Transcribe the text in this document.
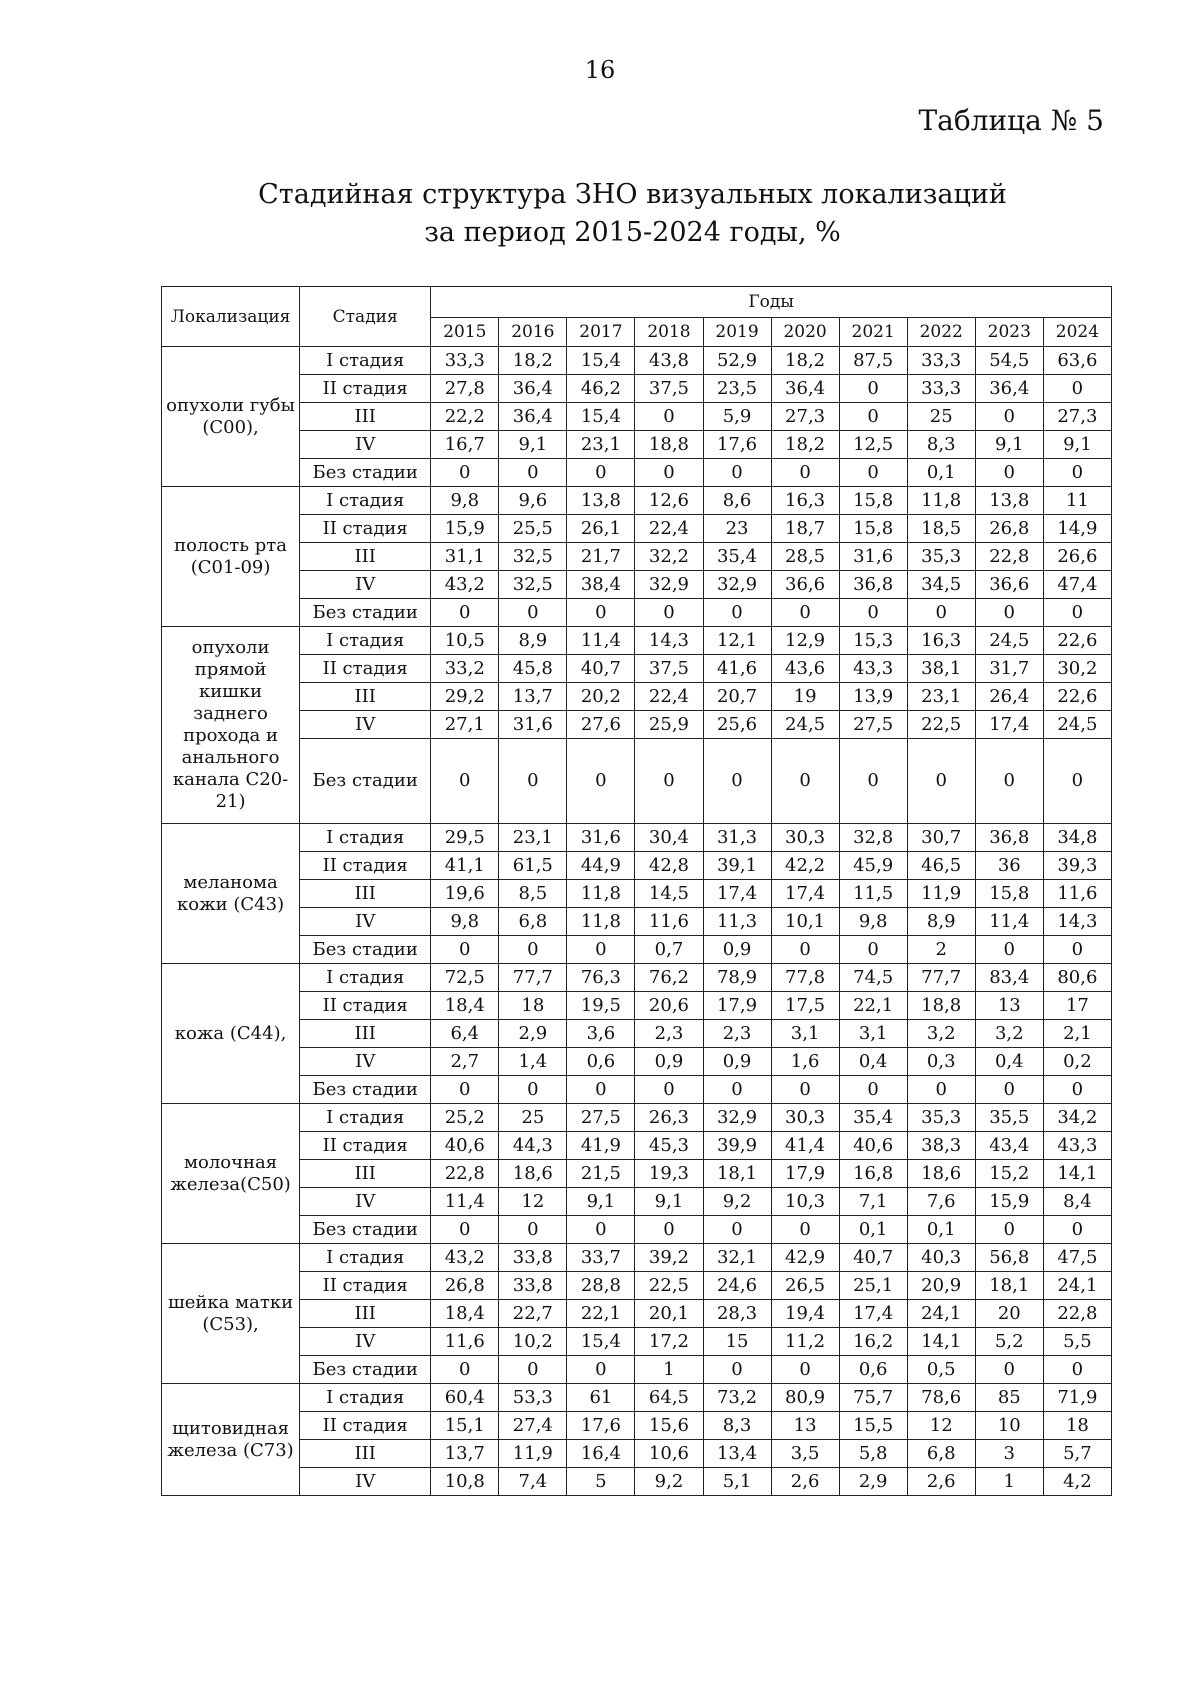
16
Таблица № 5
Стадийная структура ЗНО визуальных локализаций
за период 2015-2024 годы, %
Локализация	Стадия	Годы									
		2015	2016	2017	2018	2019	2020	2021	2022	2023	2024
опухоли губы (С00),	I стадия	33,3	18,2	15,4	43,8	52,9	18,2	87,5	33,3	54,5	63,6
	II стадия	27,8	36,4	46,2	37,5	23,5	36,4	0	33,3	36,4	0
	III	22,2	36,4	15,4	0	5,9	27,3	0	25	0	27,3
	IV	16,7	9,1	23,1	18,8	17,6	18,2	12,5	8,3	9,1	9,1
	Без стадии	0	0	0	0	0	0	0	0,1	0	0
полость рта (С01-09)	I стадия	9,8	9,6	13,8	12,6	8,6	16,3	15,8	11,8	13,8	11
	II стадия	15,9	25,5	26,1	22,4	23	18,7	15,8	18,5	26,8	14,9
	III	31,1	32,5	21,7	32,2	35,4	28,5	31,6	35,3	22,8	26,6
	IV	43,2	32,5	38,4	32,9	32,9	36,6	36,8	34,5	36,6	47,4
	Без стадии	0	0	0	0	0	0	0	0	0	0
опухоли прямой кишки заднего прохода и анального канала С20-21)	I стадия	10,5	8,9	11,4	14,3	12,1	12,9	15,3	16,3	24,5	22,6
	II стадия	33,2	45,8	40,7	37,5	41,6	43,6	43,3	38,1	31,7	30,2
	III	29,2	13,7	20,2	22,4	20,7	19	13,9	23,1	26,4	22,6
	IV	27,1	31,6	27,6	25,9	25,6	24,5	27,5	22,5	17,4	24,5
	Без стадии	0	0	0	0	0	0	0	0	0	0
меланома кожи (С43)	I стадия	29,5	23,1	31,6	30,4	31,3	30,3	32,8	30,7	36,8	34,8
	II стадия	41,1	61,5	44,9	42,8	39,1	42,2	45,9	46,5	36	39,3
	III	19,6	8,5	11,8	14,5	17,4	17,4	11,5	11,9	15,8	11,6
	IV	9,8	6,8	11,8	11,6	11,3	10,1	9,8	8,9	11,4	14,3
	Без стадии	0	0	0	0,7	0,9	0	0	2	0	0
кожа (С44),	I стадия	72,5	77,7	76,3	76,2	78,9	77,8	74,5	77,7	83,4	80,6
	II стадия	18,4	18	19,5	20,6	17,9	17,5	22,1	18,8	13	17
	III	6,4	2,9	3,6	2,3	2,3	3,1	3,1	3,2	3,2	2,1
	IV	2,7	1,4	0,6	0,9	0,9	1,6	0,4	0,3	0,4	0,2
	Без стадии	0	0	0	0	0	0	0	0	0	0
молочная железа(С50)	I стадия	25,2	25	27,5	26,3	32,9	30,3	35,4	35,3	35,5	34,2
	II стадия	40,6	44,3	41,9	45,3	39,9	41,4	40,6	38,3	43,4	43,3
	III	22,8	18,6	21,5	19,3	18,1	17,9	16,8	18,6	15,2	14,1
	IV	11,4	12	9,1	9,1	9,2	10,3	7,1	7,6	15,9	8,4
	Без стадии	0	0	0	0	0	0	0,1	0,1	0	0
шейка матки (С53),	I стадия	43,2	33,8	33,7	39,2	32,1	42,9	40,7	40,3	56,8	47,5
	II стадия	26,8	33,8	28,8	22,5	24,6	26,5	25,1	20,9	18,1	24,1
	III	18,4	22,7	22,1	20,1	28,3	19,4	17,4	24,1	20	22,8
	IV	11,6	10,2	15,4	17,2	15	11,2	16,2	14,1	5,2	5,5
	Без стадии	0	0	0	1	0	0	0,6	0,5	0	0
щитовидная железа (С73)	I стадия	60,4	53,3	61	64,5	73,2	80,9	75,7	78,6	85	71,9
	II стадия	15,1	27,4	17,6	15,6	8,3	13	15,5	12	10	18
	III	13,7	11,9	16,4	10,6	13,4	3,5	5,8	6,8	3	5,7
	IV	10,8	7,4	5	9,2	5,1	2,6	2,9	2,6	1	4,2
